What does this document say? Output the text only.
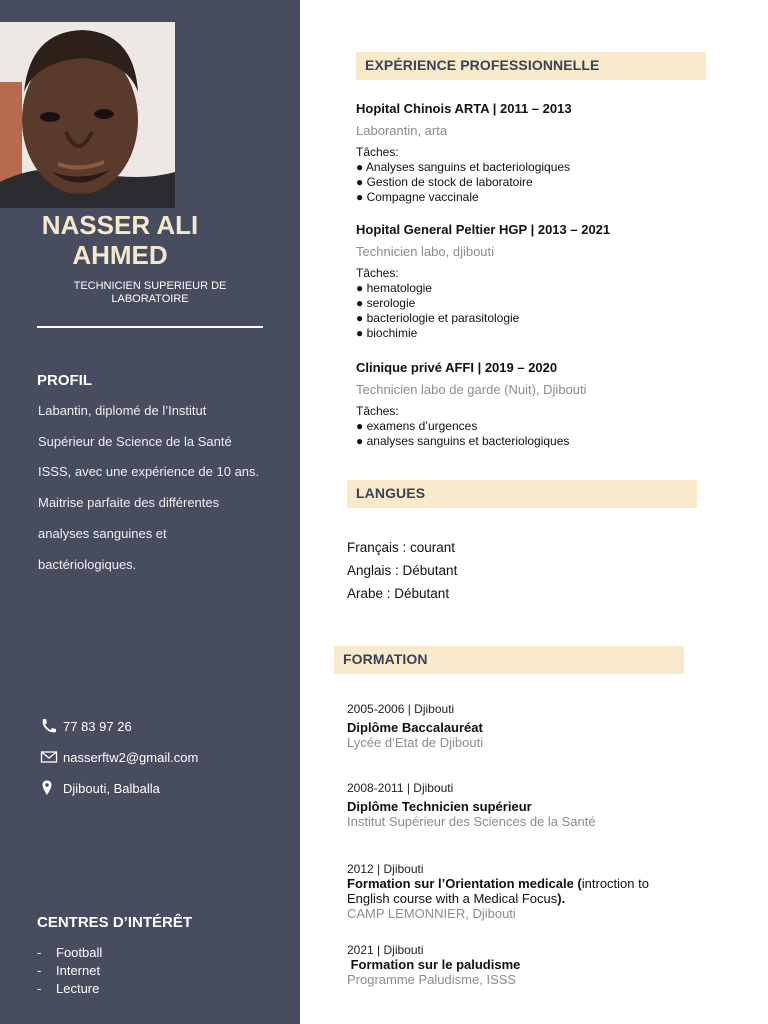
NASSER ALI
AHMED
TECHNICIEN SUPERIEUR DE LABORATOIRE
PROFIL
Labantin, diplomé de l’Institut Supérieur de Science de la Santé ISSS, avec une expérience de 10 ans. Maitrise parfaite des différentes analyses sanguines et bactériologiques.
77 83 97 26
nasserftw2@gmail.com
Djibouti, Balballa
CENTRES D’INTÉRÊT
- Football
- Internet
- Lecture
EXPÉRIENCE PROFESSIONNELLE
Hopital Chinois ARTA | 2011 – 2013
Laborantin, arta
Tâches:
● Analyses sanguins et bacteriologiques
● Gestion de stock de laboratoire
● Compagne vaccinale
Hopital General Peltier HGP | 2013 – 2021
Technicien labo, djibouti
Tâches:
● hematologie
● serologie
● bacteriologie et parasitologie
● biochimie
Clinique privé AFFI | 2019 – 2020
Technicien labo de garde (Nuit), Djibouti
Tâches:
● examens d’urgences
● analyses sanguins et bacteriologiques
LANGUES
Français : courant
Anglais : Débutant
Arabe : Débutant
FORMATION
2005-2006 | Djibouti
Diplôme Baccalauréat
Lycée d’Etat de Djibouti
2008-2011 | Djibouti
Diplôme Technicien supérieur
Institut Supérieur des Sciences de la Santé
2012 | Djibouti
Formation sur l’Orientation medicale (introction to English course with a Medical Focus).
CAMP LEMONNIER, Djibouti
2021 | Djibouti
Formation sur le paludisme
Programme Paludisme, ISSS
